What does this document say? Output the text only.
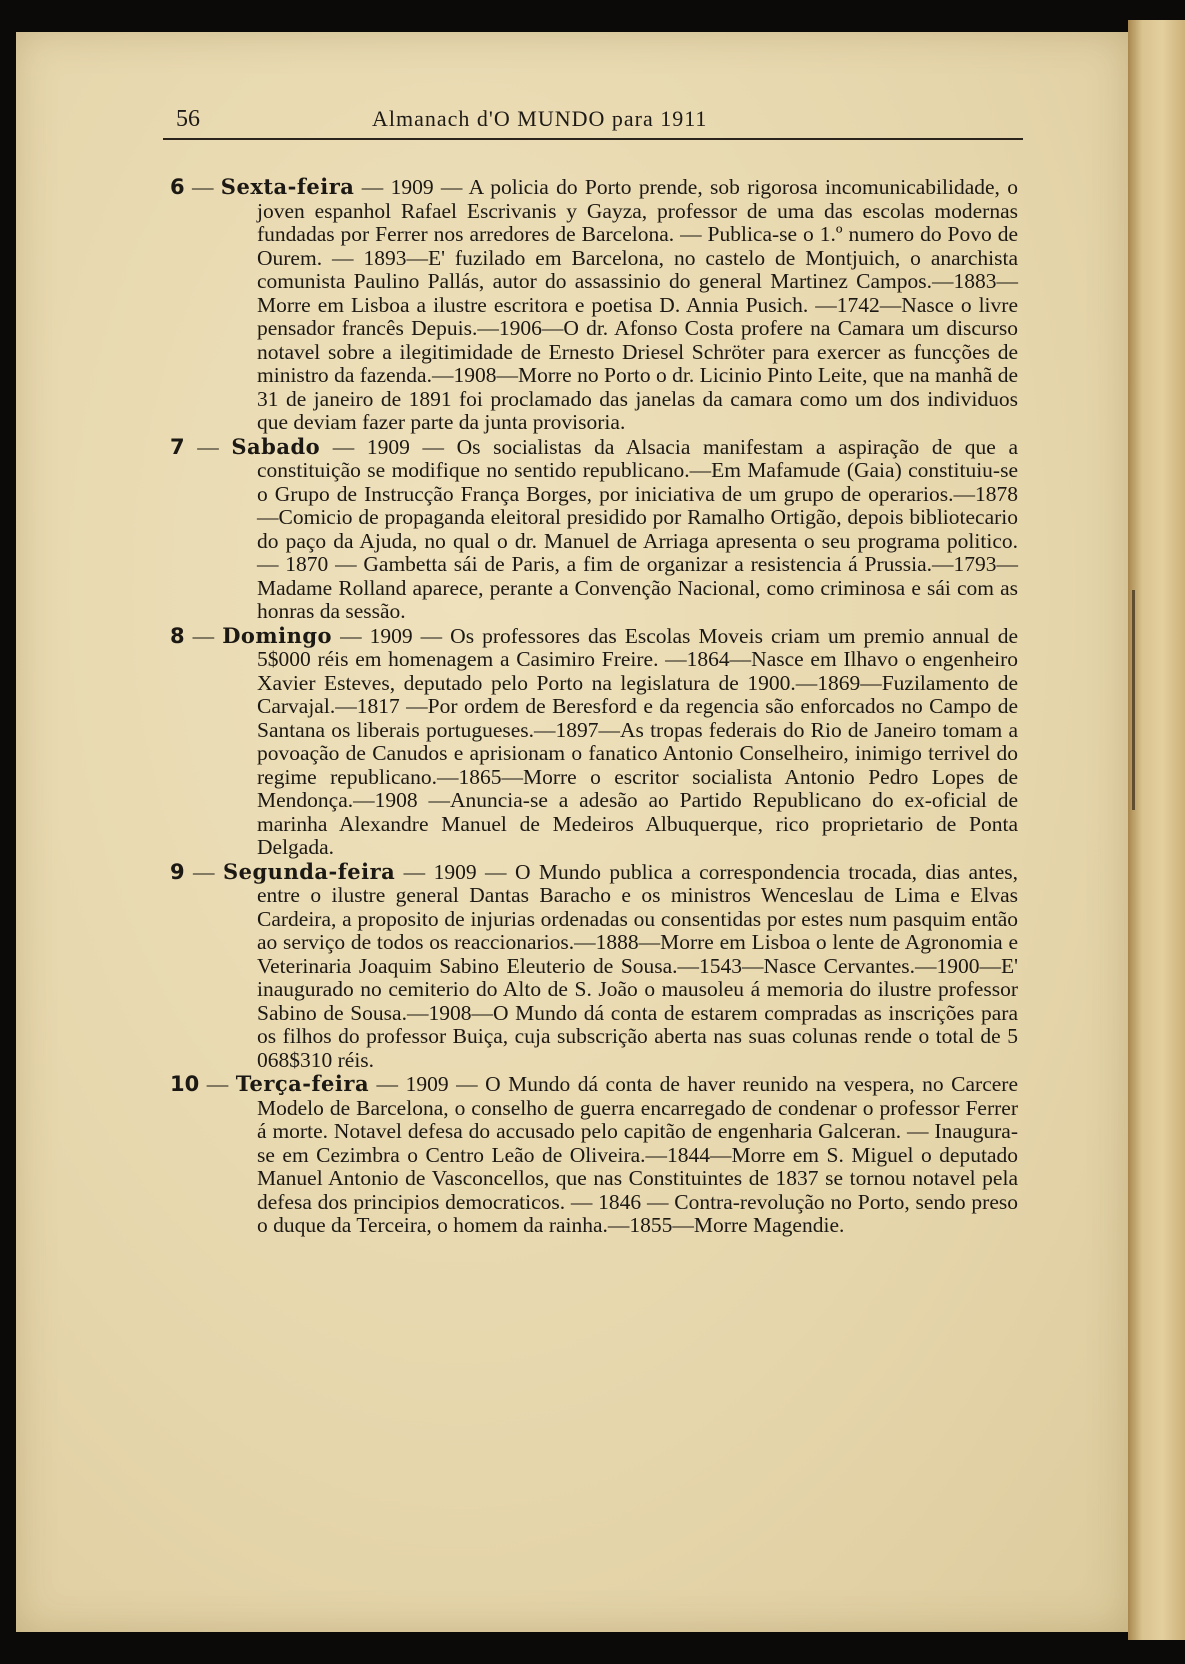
56	Almanach d'O MUNDO para 1911

6 — Sexta-feira — 1909 — A policia do Porto prende, sob rigorosa incomunicabilidade, o joven espanhol Rafael Escrivanis y Gayza, professor de uma das escolas modernas fundadas por Ferrer nos arredores de Barcelona. — Publica-se o 1.º numero do Povo de Ourem. — 1893—E' fuzilado em Barcelona, no castelo de Montjuich, o anarchista comunista Paulino Pallás, autor do assassinio do general Martinez Campos.—1883—Morre em Lisboa a ilustre escritora e poetisa D. Annia Pusich. —1742—Nasce o livre pensador francês Depuis.—1906—O dr. Afonso Costa profere na Camara um discurso notavel sobre a ilegitimidade de Ernesto Driesel Schröter para exercer as funcções de ministro da fazenda.—1908—Morre no Porto o dr. Licinio Pinto Leite, que na manhã de 31 de janeiro de 1891 foi proclamado das janelas da camara como um dos individuos que deviam fazer parte da junta provisoria.

7 — Sabado — 1909 — Os socialistas da Alsacia manifestam a aspiração de que a constituição se modifique no sentido republicano.—Em Mafamude (Gaia) constituiu-se o Grupo de Instrucção França Borges, por iniciativa de um grupo de operarios.—1878—Comicio de propaganda eleitoral presidido por Ramalho Ortigão, depois bibliotecario do paço da Ajuda, no qual o dr. Manuel de Arriaga apresenta o seu programa politico. — 1870 — Gambetta sái de Paris, a fim de organizar a resistencia á Prussia.—1793—Madame Rolland aparece, perante a Convenção Nacional, como criminosa e sái com as honras da sessão.

8 — Domingo — 1909 — Os professores das Escolas Moveis criam um premio annual de 5$000 réis em homenagem a Casimiro Freire. —1864—Nasce em Ilhavo o engenheiro Xavier Esteves, deputado pelo Porto na legislatura de 1900.—1869—Fuzilamento de Carvajal.—1817 —Por ordem de Beresford e da regencia são enforcados no Campo de Santana os liberais portugueses.—1897—As tropas federais do Rio de Janeiro tomam a povoação de Canudos e aprisionam o fanatico Antonio Conselheiro, inimigo terrivel do regime republicano.—1865—Morre o escritor socialista Antonio Pedro Lopes de Mendonça.—1908 —Anuncia-se a adesão ao Partido Republicano do ex-oficial de marinha Alexandre Manuel de Medeiros Albuquerque, rico proprietario de Ponta Delgada.

9 — Segunda-feira — 1909 — O Mundo publica a correspondencia trocada, dias antes, entre o ilustre general Dantas Baracho e os ministros Wenceslau de Lima e Elvas Cardeira, a proposito de injurias ordenadas ou consentidas por estes num pasquim então ao serviço de todos os reaccionarios.—1888—Morre em Lisboa o lente de Agronomia e Veterinaria Joaquim Sabino Eleuterio de Sousa.—1543—Nasce Cervantes.—1900—E' inaugurado no cemiterio do Alto de S. João o mausoleu á memoria do ilustre professor Sabino de Sousa.—1908—O Mundo dá conta de estarem compradas as inscrições para os filhos do professor Buiça, cuja subscrição aberta nas suas colunas rende o total de 5 068$310 réis.

10 — Terça-feira — 1909 — O Mundo dá conta de haver reunido na vespera, no Carcere Modelo de Barcelona, o conselho de guerra encarregado de condenar o professor Ferrer á morte. Notavel defesa do accusado pelo capitão de engenharia Galceran. — Inaugura-se em Cezimbra o Centro Leão de Oliveira.—1844—Morre em S. Miguel o deputado Manuel Antonio de Vasconcellos, que nas Constituintes de 1837 se tornou notavel pela defesa dos principios democraticos. — 1846 — Contra-revolução no Porto, sendo preso o duque da Terceira, o homem da rainha.—1855—Morre Magendie.
